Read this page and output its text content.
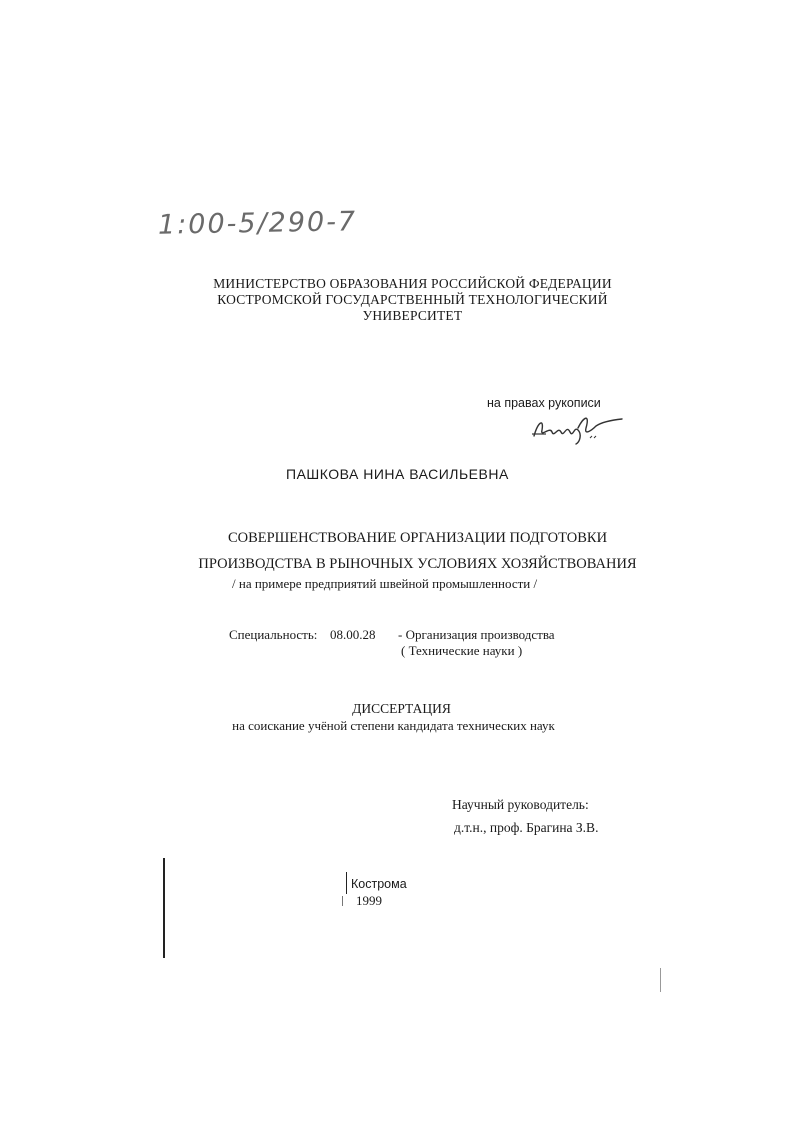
1:00-5/290-7
МИНИСТЕРСТВО ОБРАЗОВАНИЯ РОССИЙСКОЙ ФЕДЕРАЦИИ
КОСТРОМСКОЙ ГОСУДАРСТВЕННЫЙ ТЕХНОЛОГИЧЕСКИЙ
УНИВЕРСИТЕТ
на правах рукописи
ПАШКОВА НИНА ВАСИЛЬЕВНА
СОВЕРШЕНСТВОВАНИЕ ОРГАНИЗАЦИИ ПОДГОТОВКИ
ПРОИЗВОДСТВА В РЫНОЧНЫХ УСЛОВИЯХ ХОЗЯЙСТВОВАНИЯ
/ на примере предприятий швейной промышленности /
Специальность: 08.00.28 - Организация производства
( Технические науки )
ДИССЕРТАЦИЯ
на соискание учёной степени кандидата технических наук
Научный руководитель:
д.т.н., проф. Брагина З.В.
Кострома
1999
